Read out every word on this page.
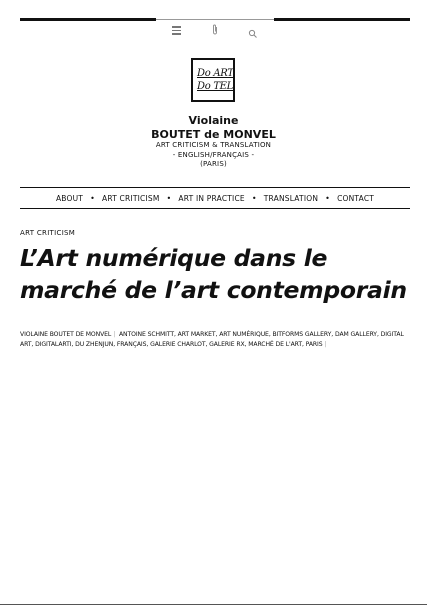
Do ART
Do TEL
Violaine
BOUTET de MONVEL
ART CRITICISM & TRANSLATION
- ENGLISH/FRANÇAIS -
(PARIS)
ABOUT • ART CRITICISM • ART IN PRACTICE • TRANSLATION • CONTACT
ART CRITICISM
L’Art numérique dans le marché de l’art contemporain
VIOLAINE BOUTET DE MONVEL | ANTOINE SCHMITT, ART MARKET, ART NUMÉRIQUE, BITFORMS GALLERY, DAM GALLERY, DIGITAL ART, DIGITALARTI, DU ZHENJUN, FRANÇAIS, GALERIE CHARLOT, GALERIE RX, MARCHÉ DE L'ART, PARIS |
